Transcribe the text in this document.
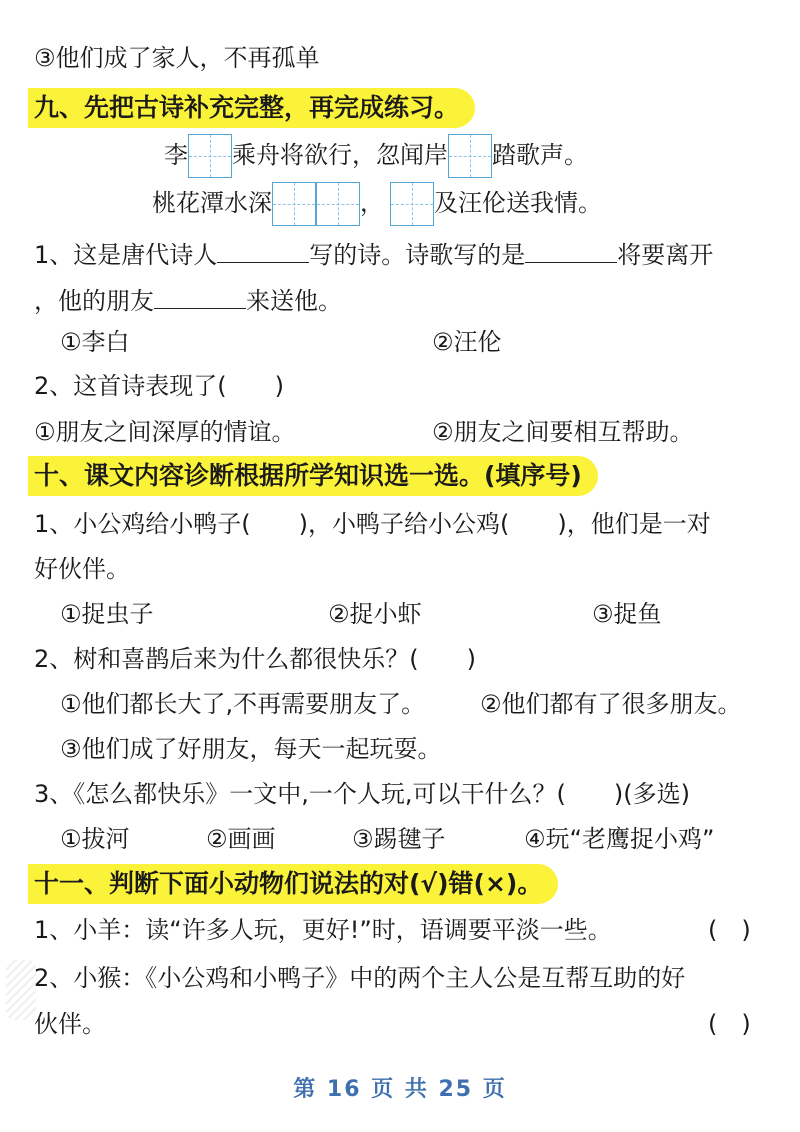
③他们成了家人，不再孤单
九、先把古诗补充完整，再完成练习。
李 乘舟将欲行，忽闻岸 踏歌声。
桃花潭水深	， 及汪伦送我情。
1、这是唐代诗人	写的诗。诗歌写的是	将要离开
，他的朋友	来送他。
①李白	②汪伦
2、这首诗表现了(　　)
①朋友之间深厚的情谊。	②朋友之间要相互帮助。
十、课文内容诊断根据所学知识选一选。(填序号)
1、小公鸡给小鸭子(　　)，小鸭子给小公鸡(　　)，他们是一对
好伙伴。
①捉虫子	②捉小虾	③捉鱼
2、树和喜鹊后来为什么都很快乐？(　　)
①他们都长大了,不再需要朋友了。 ②他们都有了很多朋友。
③他们成了好朋友，每天一起玩耍。
3、《怎么都快乐》一文中,一个人玩,可以干什么？(　　)(多选)
①拔河	②画画	③踢毽子	④玩“老鹰捉小鸡”
十一、判断下面小动物们说法的对(√)错(×)。
1、小羊：读“许多人玩，更好!”时，语调要平淡一些。	(　)
2、小猴：《小公鸡和小鸭子》中的两个主人公是互帮互助的好
伙伴。	(　)
第 16 页 共 25 页
